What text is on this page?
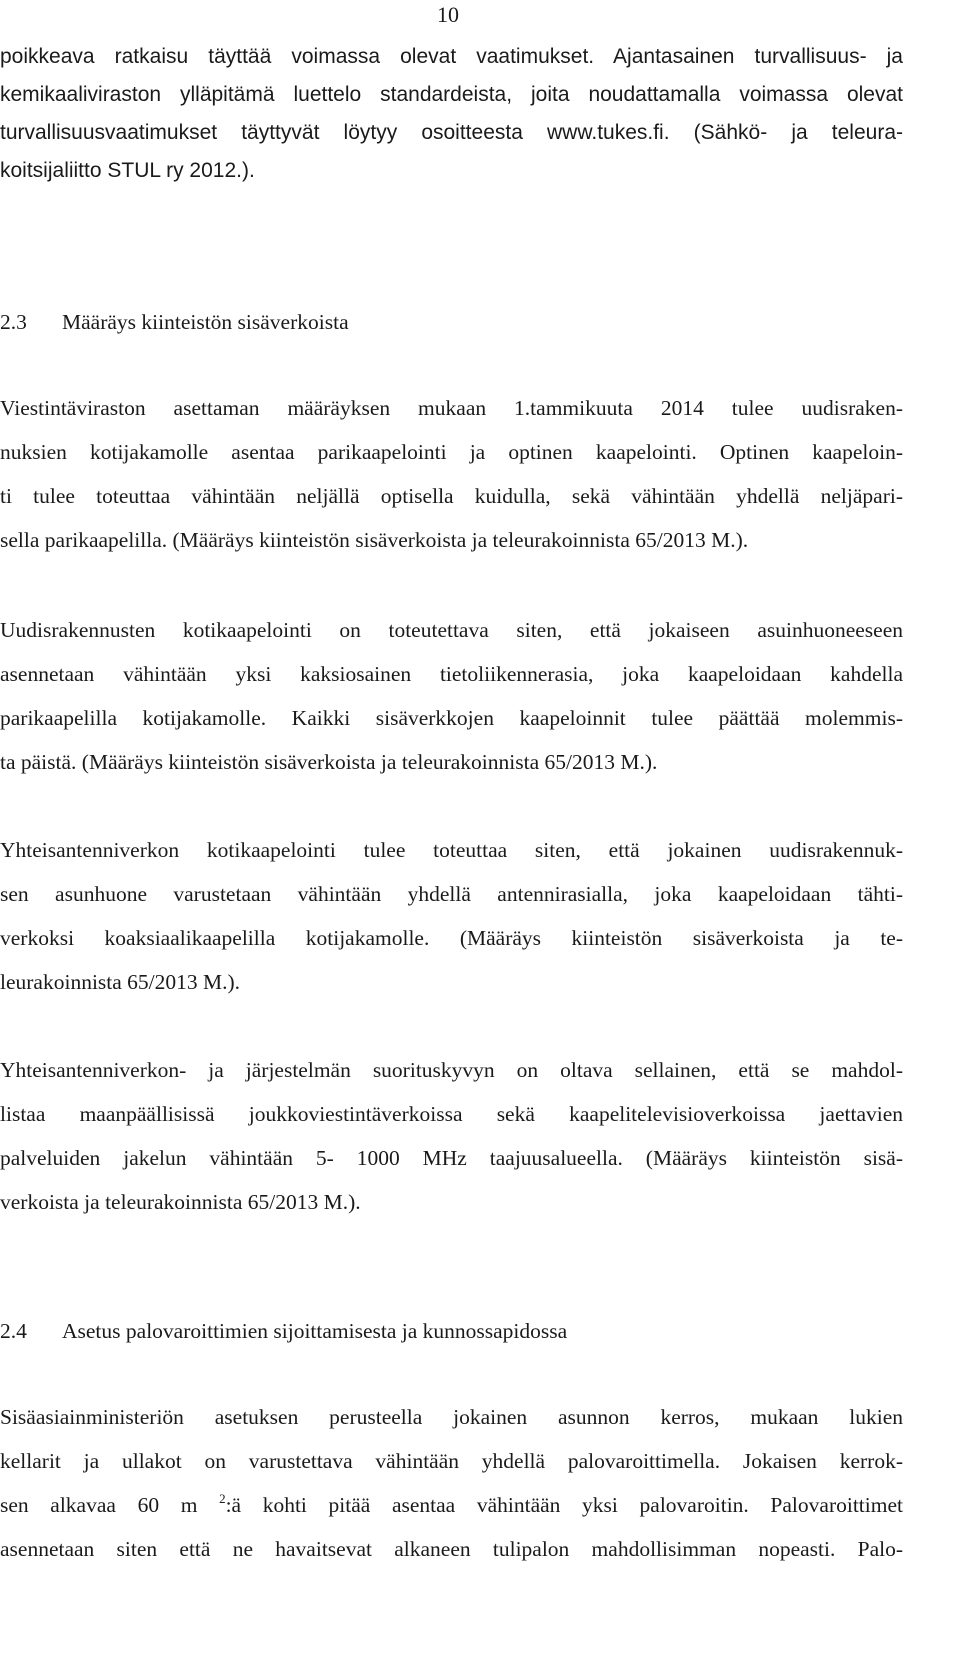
10

poikkeava ratkaisu täyttää voimassa olevat vaatimukset. Ajantasainen turvallisuus- ja
kemikaaliviraston ylläpitämä luettelo standardeista, joita noudattamalla voimassa olevat
turvallisuusvaatimukset täyttyvät löytyy osoitteesta www.tukes.fi. (Sähkö- ja teleura-
koitsijaliitto STUL ry 2012.).

2.3 Määräys kiinteistön sisäverkoista

Viestintäviraston asettaman määräyksen mukaan 1.tammikuuta 2014 tulee uudisraken-
nuksien kotijakamolle asentaa parikaapelointi ja optinen kaapelointi. Optinen kaapeloin-
ti tulee toteuttaa vähintään neljällä optisella kuidulla, sekä vähintään yhdellä neljäpari-
sella parikaapelilla. (Määräys kiinteistön sisäverkoista ja teleurakoinnista 65/2013 M.).

Uudisrakennusten kotikaapelointi on toteutettava siten, että jokaiseen asuinhuoneeseen
asennetaan vähintään yksi kaksiosainen tietoliikennerasia, joka kaapeloidaan kahdella
parikaapelilla kotijakamolle. Kaikki sisäverkkojen kaapeloinnit tulee päättää molemmis-
ta päistä. (Määräys kiinteistön sisäverkoista ja teleurakoinnista 65/2013 M.).

Yhteisantenniverkon kotikaapelointi tulee toteuttaa siten, että jokainen uudisrakennuk-
sen asunhuone varustetaan vähintään yhdellä antennirasialla, joka kaapeloidaan tähti-
verkoksi koaksiaalikaapelilla kotijakamolle. (Määräys kiinteistön sisäverkoista ja te-
leurakoinnista 65/2013 M.).

Yhteisantenniverkon- ja järjestelmän suorituskyvyn on oltava sellainen, että se mahdol-
listaa maanpäällisissä joukkoviestintäverkoissa sekä kaapelitelevisioverkoissa jaettavien
palveluiden jakelun vähintään 5- 1000 MHz taajuusalueella. (Määräys kiinteistön sisä-
verkoista ja teleurakoinnista 65/2013 M.).

2.4 Asetus palovaroittimien sijoittamisesta ja kunnossapidossa

Sisäasiainministeriön asetuksen perusteella jokainen asunnon kerros, mukaan lukien
kellarit ja ullakot on varustettava vähintään yhdellä palovaroittimella. Jokaisen kerrok-
sen alkavaa 60 m $^2$:ä kohti pitää asentaa vähintään yksi palovaroitin. Palovaroittimet
asennetaan siten että ne havaitsevat alkaneen tulipalon mahdollisimman nopeasti. Palo-
